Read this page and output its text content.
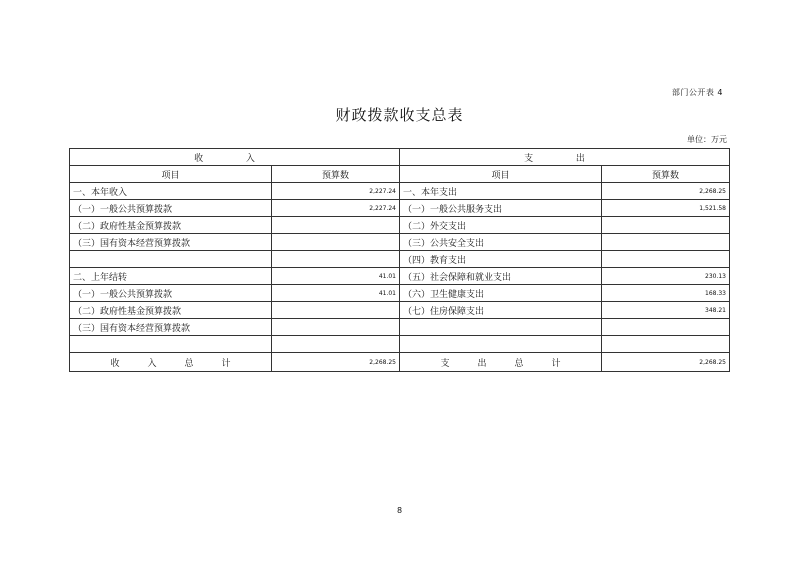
部门公开表 4
财政拨款收支总表
单位：万元
收 入		支 出	
项目	预算数	项目	预算数
一、本年收入	2,227.24	一、本年支出	2,268.25
（一）一般公共预算拨款	2,227.24	（一）一般公共服务支出	1,521.58
（二）政府性基金预算拨款		（二）外交支出	
（三）国有资本经营预算拨款		（三）公共安全支出	
		（四）教育支出	
二、上年结转	41.01	（五）社会保障和就业支出	230.13
（一）一般公共预算拨款	41.01	（六）卫生健康支出	168.33
（二）政府性基金预算拨款		（七）住房保障支出	348.21
（三）国有资本经营预算拨款			

收入总计	2,268.25	支出总计	2,268.25
8
